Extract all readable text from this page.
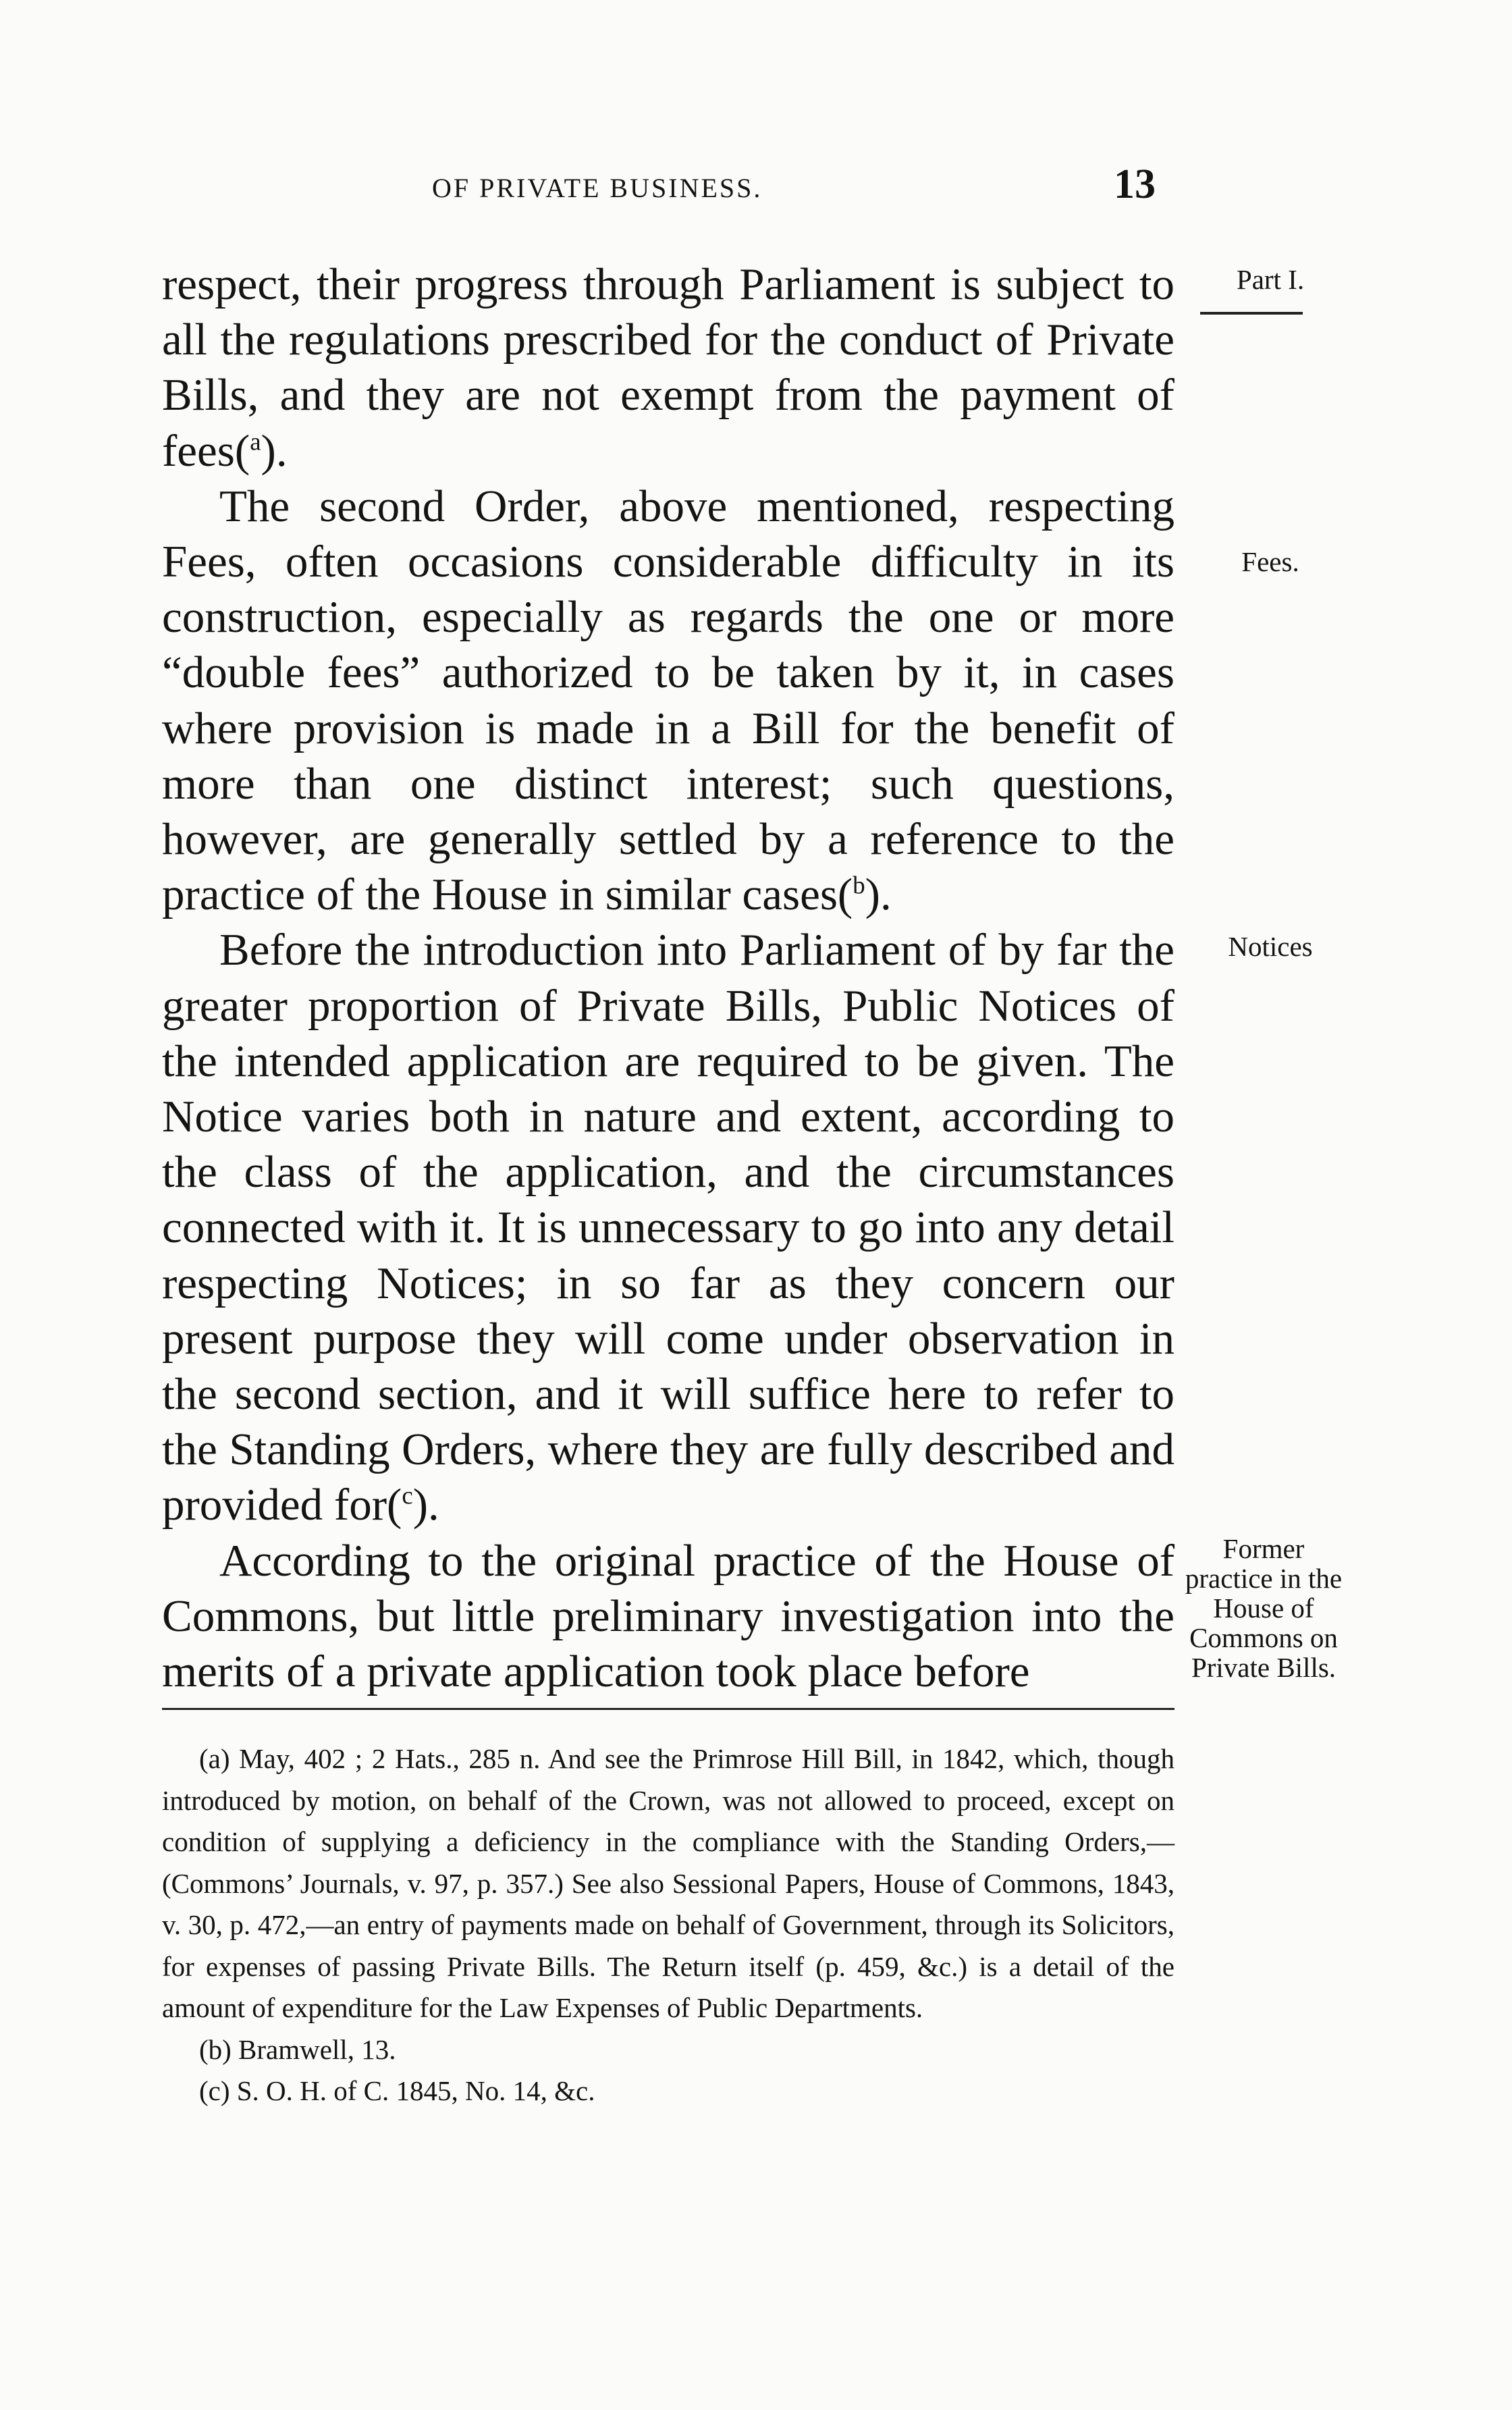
OF PRIVATE BUSINESS.	13

respect, their progress through Parliament is subject to all the regulations prescribed for the conduct of Private Bills, and they are not exempt from the payment of fees($^a$).

The second Order, above mentioned, respecting Fees, often occasions considerable difficulty in its construction, especially as regards the one or more “double fees” authorized to be taken by it, in cases where provision is made in a Bill for the benefit of more than one distinct interest; such questions, however, are generally settled by a reference to the practice of the House in similar cases($^b$).

Before the introduction into Parliament of by far the greater proportion of Private Bills, Public Notices of the intended application are required to be given. The Notice varies both in nature and extent, according to the class of the application, and the circumstances connected with it. It is unnecessary to go into any detail respecting Notices; in so far as they concern our present purpose they will come under observation in the second section, and it will suffice here to refer to the Standing Orders, where they are fully described and provided for($^c$).

According to the original practice of the House of Commons, but little preliminary investigation into the merits of a private application took place before

Part I.
Fees.
Notices
Former practice in the House of Commons on Private Bills.

(a) May, 402 ; 2 Hats., 285 n. And see the Primrose Hill Bill, in 1842, which, though introduced by motion, on behalf of the Crown, was not allowed to proceed, except on condition of supplying a deficiency in the compliance with the Standing Orders,—(Commons’ Journals, v. 97, p. 357.) See also Sessional Papers, House of Commons, 1843, v. 30, p. 472,—an entry of payments made on behalf of Government, through its Solicitors, for expenses of passing Private Bills. The Return itself (p. 459, &c.) is a detail of the amount of expenditure for the Law Expenses of Public Departments.

(b) Bramwell, 13.

(c) S. O. H. of C. 1845, No. 14, &c.
